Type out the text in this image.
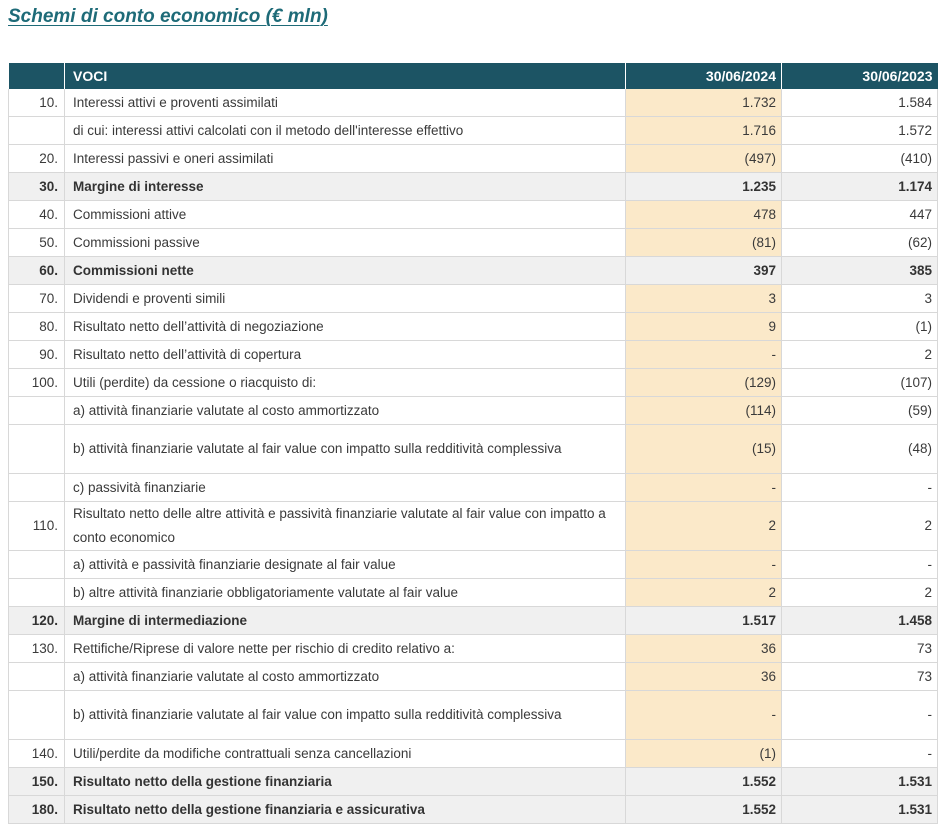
Schemi di conto economico (€ mln)
	VOCI	30/06/2024	30/06/2023
10.	Interessi attivi e proventi assimilati	1.732	1.584
	di cui: interessi attivi calcolati con il metodo dell'interesse effettivo	1.716	1.572
20.	Interessi passivi e oneri assimilati	(497)	(410)
30.	Margine di interesse	1.235	1.174
40.	Commissioni attive	478	447
50.	Commissioni passive	(81)	(62)
60.	Commissioni nette	397	385
70.	Dividendi e proventi simili	3	3
80.	Risultato netto dell’attività di negoziazione	9	(1)
90.	Risultato netto dell’attività di copertura	-	2
100.	Utili (perdite) da cessione o riacquisto di:	(129)	(107)
	a) attività finanziarie valutate al costo ammortizzato	(114)	(59)
	b) attività finanziarie valutate al fair value con impatto sulla redditività complessiva	(15)	(48)
	c) passività finanziarie	-	-
110.	Risultato netto delle altre attività e passività finanziarie valutate al fair value con impatto a conto economico	2	2
	a) attività e passività finanziarie designate al fair value	-	-
	b) altre attività finanziarie obbligatoriamente valutate al fair value	2	2
120.	Margine di intermediazione	1.517	1.458
130.	Rettifiche/Riprese di valore nette per rischio di credito relativo a:	36	73
	a) attività finanziarie valutate al costo ammortizzato	36	73
	b) attività finanziarie valutate al fair value con impatto sulla redditività complessiva	-	-
140.	Utili/perdite da modifiche contrattuali senza cancellazioni	(1)	-
150.	Risultato netto della gestione finanziaria	1.552	1.531
180.	Risultato netto della gestione finanziaria e assicurativa	1.552	1.531
